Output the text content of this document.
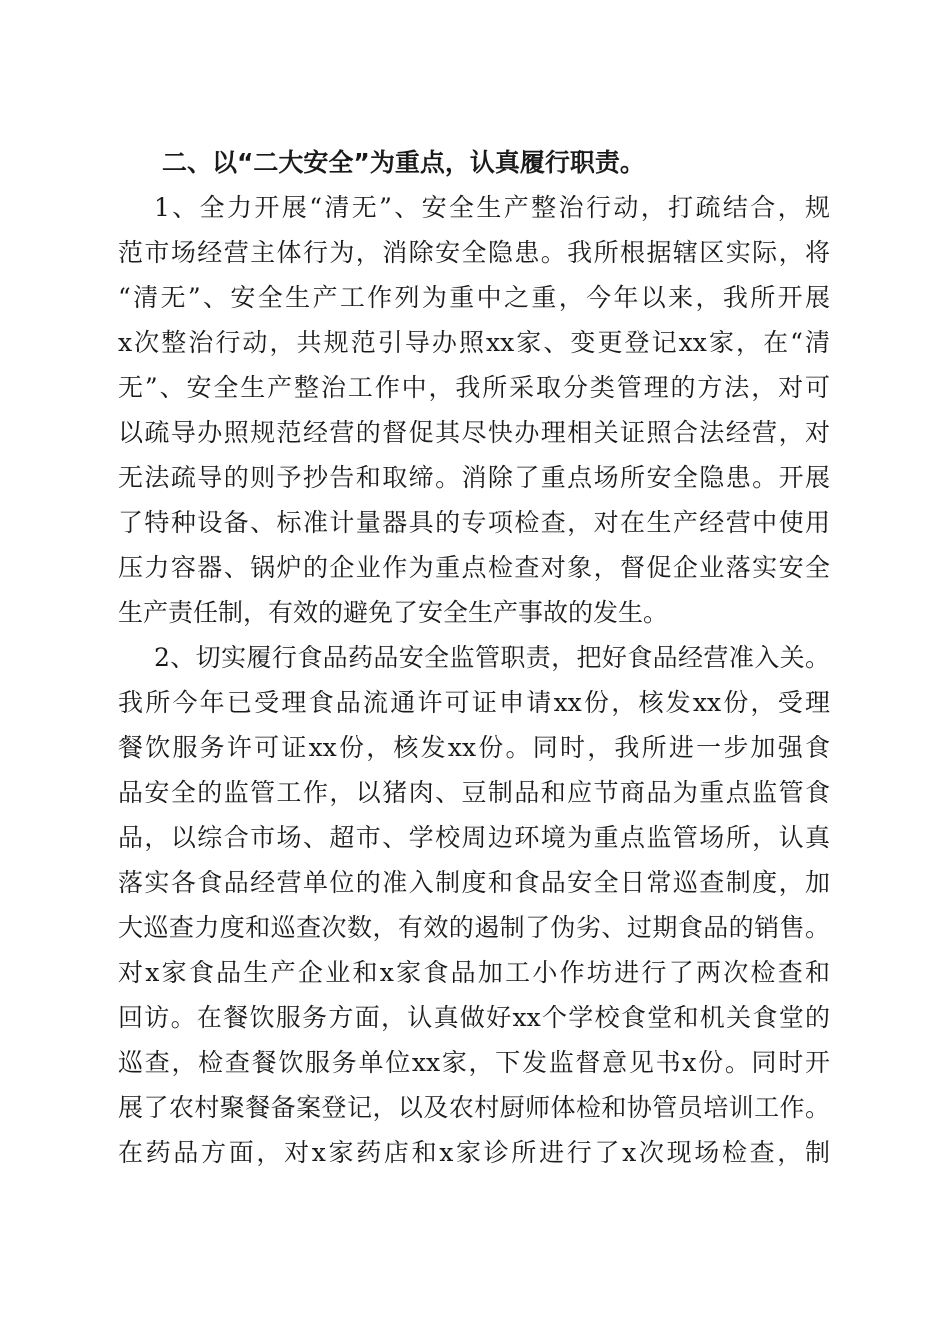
二、以“二大安全”为重点，认真履行职责。
1、全力开展“清无”、安全生产整治行动，打疏结合，规
范市场经营主体行为，消除安全隐患。我所根据辖区实际，将
“清无”、安全生产工作列为重中之重，今年以来，我所开展
x次整治行动，共规范引导办照xx家、变更登记xx家，在“清
无”、安全生产整治工作中，我所采取分类管理的方法，对可
以疏导办照规范经营的督促其尽快办理相关证照合法经营，对
无法疏导的则予抄告和取缔。消除了重点场所安全隐患。开展
了特种设备、标准计量器具的专项检查，对在生产经营中使用
压力容器、锅炉的企业作为重点检查对象，督促企业落实安全
生产责任制，有效的避免了安全生产事故的发生。
2、切实履行食品药品安全监管职责，把好食品经营准入关。
我所今年已受理食品流通许可证申请xx份，核发xx份，受理
餐饮服务许可证xx份，核发xx份。同时，我所进一步加强食
品安全的监管工作，以猪肉、豆制品和应节商品为重点监管食
品，以综合市场、超市、学校周边环境为重点监管场所，认真
落实各食品经营单位的准入制度和食品安全日常巡查制度，加
大巡查力度和巡查次数，有效的遏制了伪劣、过期食品的销售。
对x家食品生产企业和x家食品加工小作坊进行了两次检查和
回访。在餐饮服务方面，认真做好xx个学校食堂和机关食堂的
巡查，检查餐饮服务单位xx家，下发监督意见书x份。同时开
展了农村聚餐备案登记，以及农村厨师体检和协管员培训工作。
在药品方面，对x家药店和x家诊所进行了x次现场检查，制
